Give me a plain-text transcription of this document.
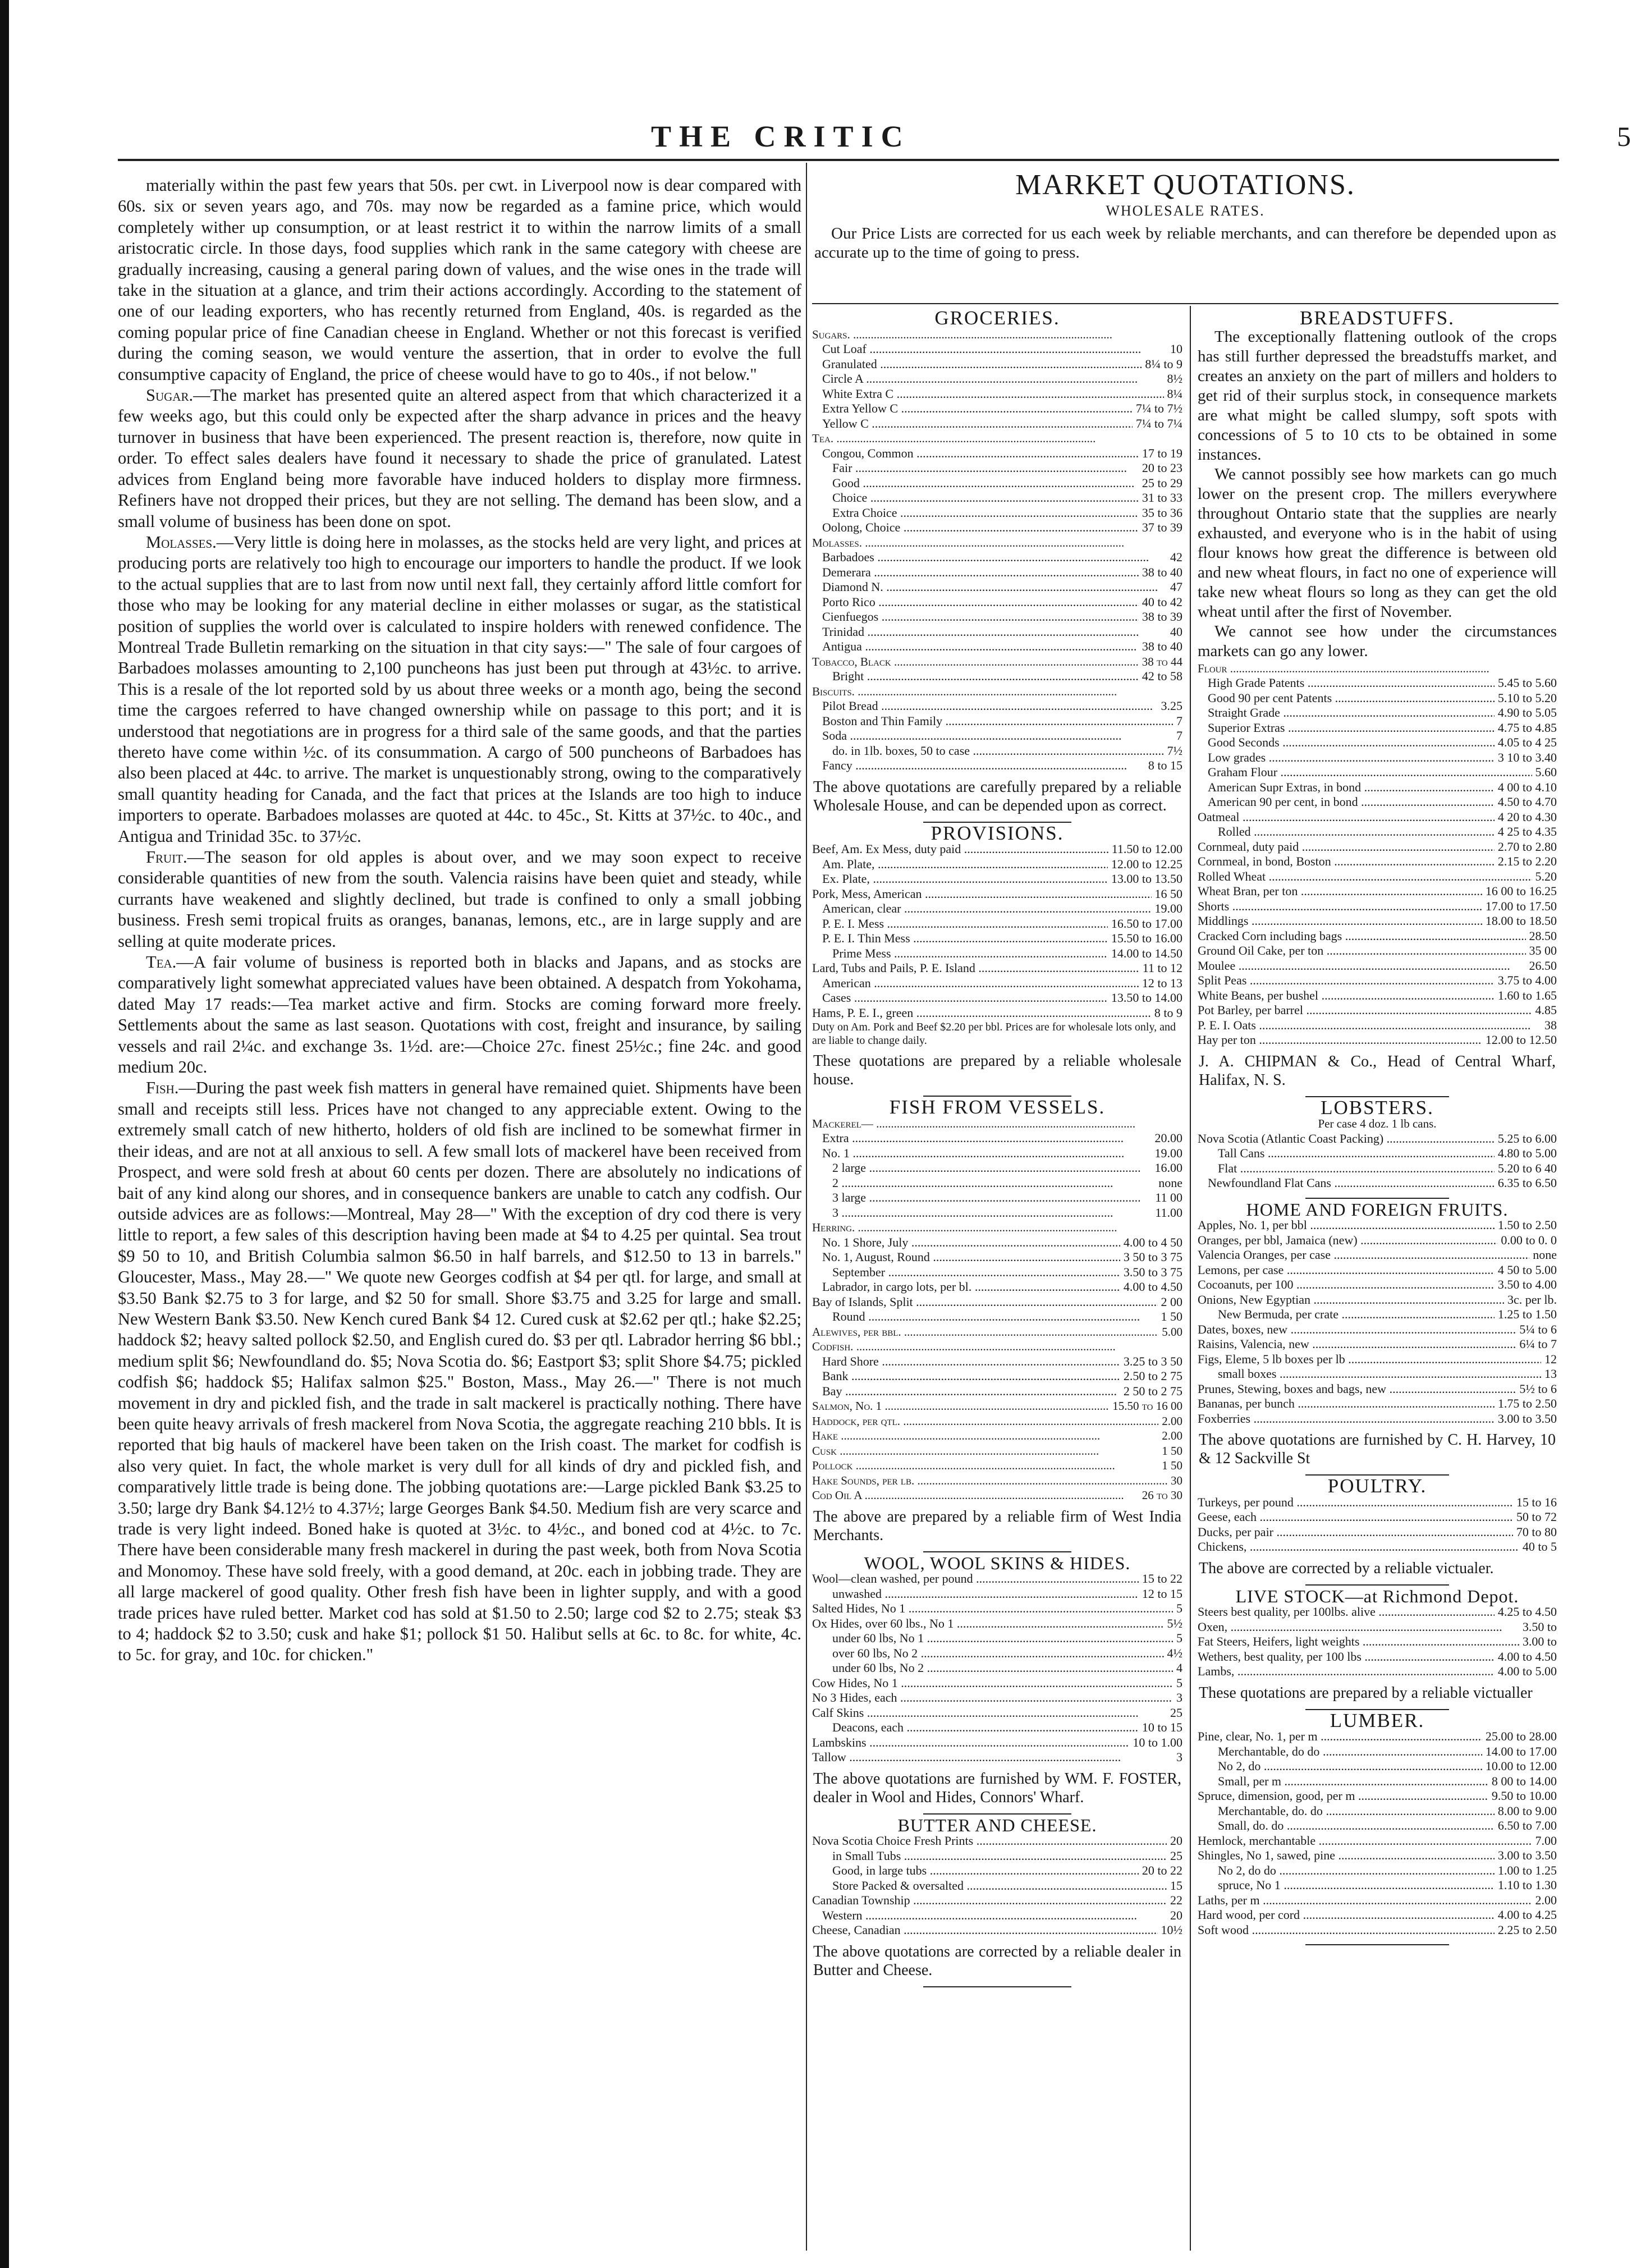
THE CRITIC	5

materially within the past few years that 50s. per cwt. in Liverpool now is dear compared with 60s. six or seven years ago, and 70s. may now be regarded as a famine price, which would completely wither up consumption, or at least restrict it to within the narrow limits of a small aristocratic circle. In those days, food supplies which rank in the same category with cheese are gradually increasing, causing a general paring down of values, and the wise ones in the trade will take in the situation at a glance, and trim their actions accordingly. According to the statement of one of our leading exporters, who has recently returned from England, 40s. is regarded as the coming popular price of fine Canadian cheese in England. Whether or not this forecast is verified during the coming season, we would venture the assertion, that in order to evolve the full consumptive capacity of England, the price of cheese would have to go to 40s., if not below."

Sugar.—The market has presented quite an altered aspect from that which characterized it a few weeks ago, but this could only be expected after the sharp advance in prices and the heavy turnover in business that have been experienced. The present reaction is, therefore, now quite in order. To effect sales dealers have found it necessary to shade the price of granulated. Latest advices from England being more favorable have induced holders to display more firmness. Refiners have not dropped their prices, but they are not selling. The demand has been slow, and a small volume of business has been done on spot.

Molasses.—Very little is doing here in molasses, as the stocks held are very light, and prices at producing ports are relatively too high to encourage our importers to handle the product. If we look to the actual supplies that are to last from now until next fall, they certainly afford little comfort for those who may be looking for any material decline in either molasses or sugar, as the statistical position of supplies the world over is calculated to inspire holders with renewed confidence. The Montreal Trade Bulletin remarking on the situation in that city says:—" The sale of four cargoes of Barbadoes molasses amounting to 2,100 puncheons has just been put through at 43½c. to arrive. This is a resale of the lot reported sold by us about three weeks or a month ago, being the second time the cargoes referred to have changed ownership while on passage to this port; and it is understood that negotiations are in progress for a third sale of the same goods, and that the parties thereto have come within ½c. of its consummation. A cargo of 500 puncheons of Barbadoes has also been placed at 44c. to arrive. The market is unquestionably strong, owing to the comparatively small quantity heading for Canada, and the fact that prices at the Islands are too high to induce importers to operate. Barbadoes molasses are quoted at 44c. to 45c., St. Kitts at 37½c. to 40c., and Antigua and Trinidad 35c. to 37½c.

Fruit.—The season for old apples is about over, and we may soon expect to receive considerable quantities of new from the south. Valencia raisins have been quiet and steady, while currants have weakened and slightly declined, but trade is confined to only a small jobbing business. Fresh semi tropical fruits as oranges, bananas, lemons, etc., are in large supply and are selling at quite moderate prices.

Tea.—A fair volume of business is reported both in blacks and Japans, and as stocks are comparatively light somewhat appreciated values have been obtained. A despatch from Yokohama, dated May 17 reads:—Tea market active and firm. Stocks are coming forward more freely. Settlements about the same as last season. Quotations with cost, freight and insurance, by sailing vessels and rail 2¼c. and exchange 3s. 1½d. are:—Choice 27c. finest 25½c.; fine 24c. and good medium 20c.

Fish.—During the past week fish matters in general have remained quiet. Shipments have been small and receipts still less. Prices have not changed to any appreciable extent. Owing to the extremely small catch of new hitherto, holders of old fish are inclined to be somewhat firmer in their ideas, and are not at all anxious to sell. A few small lots of mackerel have been received from Prospect, and were sold fresh at about 60 cents per dozen. There are absolutely no indications of bait of any kind along our shores, and in consequence bankers are unable to catch any codfish. Our outside advices are as follows:—Montreal, May 28—" With the exception of dry cod there is very little to report, a few sales of this description having been made at $4 to 4.25 per quintal. Sea trout $9 50 to 10, and British Columbia salmon $6.50 in half barrels, and $12.50 to 13 in barrels." Gloucester, Mass., May 28.—" We quote new Georges codfish at $4 per qtl. for large, and small at $3.50 Bank $2.75 to 3 for large, and $2 50 for small. Shore $3.75 and 3.25 for large and small. New Western Bank $3.50. New Kench cured Bank $4 12. Cured cusk at $2.62 per qtl.; hake $2.25; haddock $2; heavy salted pollock $2.50, and English cured do. $3 per qtl. Labrador herring $6 bbl.; medium split $6; Newfoundland do. $5; Nova Scotia do. $6; Eastport $3; split Shore $4.75; pickled codfish $6; haddock $5; Halifax salmon $25." Boston, Mass., May 26.—" There is not much movement in dry and pickled fish, and the trade in salt mackerel is practically nothing. There have been quite heavy arrivals of fresh mackerel from Nova Scotia, the aggregate reaching 210 bbls. It is reported that big hauls of mackerel have been taken on the Irish coast. The market for codfish is also very quiet. In fact, the whole market is very dull for all kinds of dry and pickled fish, and comparatively little trade is being done. The jobbing quotations are:—Large pickled Bank $3.25 to 3.50; large dry Bank $4.12½ to 4.37½; large Georges Bank $4.50. Medium fish are very scarce and trade is very light indeed. Boned hake is quoted at 3½c. to 4½c., and boned cod at 4½c. to 7c. There have been considerable many fresh mackerel in during the past week, both from Nova Scotia and Monomoy. These have sold freely, with a good demand, at 20c. each in jobbing trade. They are all large mackerel of good quality. Other fresh fish have been in lighter supply, and with a good trade prices have ruled better. Market cod has sold at $1.50 to 2.50; large cod $2 to 2.75; steak $3 to 4; haddock $2 to 3.50; cusk and hake $1; pollock $1 50. Halibut sells at 6c. to 8c. for white, 4c. to 5c. for gray, and 10c. for chicken."

MARKET QUOTATIONS.
WHOLESALE RATES.
Our Price Lists are corrected for us each week by reliable merchants, and can therefore be depended upon as accurate up to the time of going to press.
GROCERIES.
Sugars. .....
Cut Loaf .....	10
Granulated .....	8¼ to 9
Circle A .....	8½
White Extra C .....	8¼
Extra Yellow C .....	7¼ to 7½
Yellow C .....	7¼ to 7¼
Tea. .....
Congou, Common .....	17 to 19
Fair .....	20 to 23
Good .....	25 to 29
Choice .....	31 to 33
Extra Choice .....	35 to 36
Oolong, Choice .....	37 to 39
Molasses. .....
Barbadoes .....	42
Demerara .....	38 to 40
Diamond N. .....	47
Porto Rico .....	40 to 42
Cienfuegos .....	38 to 39
Trinidad .....	40
Antigua .....	38 to 40
Tobacco, Black .....	38 to 44
Bright .....	42 to 58
Biscuits. .....
Pilot Bread .....	3.25
Boston and Thin Family .....	7
Soda .....	7
do. in 1lb. boxes, 50 to case .....	7½
Fancy .....	8 to 15
The above quotations are carefully prepared by a reliable Wholesale House, and can be depended upon as correct.
PROVISIONS.
Beef, Am. Ex Mess, duty paid .....	11.50 to 12.00
Am. Plate, .....	12.00 to 12.25
Ex. Plate, .....	13.00 to 13.50
Pork, Mess, American .....	16 50
American, clear .....	19.00
P. E. I. Mess .....	16.50 to 17.00
P. E. I. Thin Mess .....	15.50 to 16.00
Prime Mess .....	14.00 to 14.50
Lard, Tubs and Pails, P. E. Island .....	11 to 12
American .....	12 to 13
Cases .....	13.50 to 14.00
Hams, P. E. I., green .....	8 to 9
Duty on Am. Pork and Beef $2.20 per bbl. Prices are for wholesale lots only, and are liable to change daily.
These quotations are prepared by a reliable wholesale house.
FISH FROM VESSELS.
Mackerel— .....
Extra .....	20.00
No. 1 .....	19.00
2 large .....	16.00
2 .....	none
3 large .....	11 00
3 .....	11.00
Herring. .....
No. 1 Shore, July .....	4.00 to 4 50
No. 1, August, Round .....	3 50 to 3 75
September .....	3.50 to 3 75
Labrador, in cargo lots, per bl. .....	4.00 to 4.50
Bay of Islands, Split .....	2 00
Round .....	1 50
Alewives, per bbl. .....	5.00
Codfish. .....
Hard Shore .....	3.25 to 3 50
Bank .....	2.50 to 2 75
Bay .....	2 50 to 2 75
Salmon, No. 1 .....	15.50 to 16 00
Haddock, per qtl. .....	2.00
Hake .....	2.00
Cusk .....	1 50
Pollock .....	1 50
Hake Sounds, per lb. .....	30
Cod Oil A .....	26 to 30
The above are prepared by a reliable firm of West India Merchants.
WOOL, WOOL SKINS & HIDES.
Wool—clean washed, per pound .....	15 to 22
unwashed .....	12 to 15
Salted Hides, No 1 .....	5
Ox Hides, over 60 lbs., No 1 .....	5½
under 60 lbs, No 1 .....	5
over 60 lbs, No 2 .....	4½
under 60 lbs, No 2 .....	4
Cow Hides, No 1 .....	5
No 3 Hides, each .....	3
Calf Skins .....	25
Deacons, each .....	10 to 15
Lambskins .....	10 to 1.00
Tallow .....	3
The above quotations are furnished by WM. F. FOSTER, dealer in Wool and Hides, Connors' Wharf.
BUTTER AND CHEESE.
Nova Scotia Choice Fresh Prints .....	20
in Small Tubs .....	25
Good, in large tubs .....	20 to 22
Store Packed & oversalted .....	15
Canadian Township .....	22
Western .....	20
Cheese, Canadian .....	10½
The above quotations are corrected by a reliable dealer in Butter and Cheese.
BREADSTUFFS.

The exceptionally flattening outlook of the crops has still further depressed the breadstuffs market, and creates an anxiety on the part of millers and holders to get rid of their surplus stock, in consequence markets are what might be called slumpy, soft spots with concessions of 5 to 10 cts to be obtained in some instances.

We cannot possibly see how markets can go much lower on the present crop. The millers everywhere throughout Ontario state that the supplies are nearly exhausted, and everyone who is in the habit of using flour knows how great the difference is between old and new wheat flours, in fact no one of experience will take new wheat flours so long as they can get the old wheat until after the first of November.

We cannot see how under the circumstances markets can go any lower.

Flour .....
High Grade Patents .....	5.45 to 5.60
Good 90 per cent Patents .....	5.10 to 5.20
Straight Grade .....	4.90 to 5.05
Superior Extras .....	4.75 to 4.85
Good Seconds .....	4.05 to 4 25
Low grades .....	3 10 to 3.40
Graham Flour .....	5.60
American Supr Extras, in bond .....	4 00 to 4.10
American 90 per cent, in bond .....	4.50 to 4.70
Oatmeal .....	4 20 to 4.30
Rolled .....	4 25 to 4.35
Cornmeal, duty paid .....	2.70 to 2.80
Cornmeal, in bond, Boston .....	2.15 to 2.20
Rolled Wheat .....	5.20
Wheat Bran, per ton .....	16 00 to 16.25
Shorts .....	17.00 to 17.50
Middlings .....	18.00 to 18.50
Cracked Corn including bags .....	28.50
Ground Oil Cake, per ton .....	35 00
Moulee .....	26.50
Split Peas .....	3.75 to 4.00
White Beans, per bushel .....	1.60 to 1.65
Pot Barley, per barrel .....	4.85
P. E. I. Oats .....	38
Hay per ton .....	12.00 to 12.50
J. A. CHIPMAN & Co., Head of Central Wharf, Halifax, N. S.
LOBSTERS.
Per case 4 doz. 1 lb cans.
Nova Scotia (Atlantic Coast Packing) .....	5.25 to 6.00
Tall Cans .....	4.80 to 5.00
Flat .....	5.20 to 6 40
Newfoundland Flat Cans .....	6.35 to 6.50
HOME AND FOREIGN FRUITS.
Apples, No. 1, per bbl .....	1.50 to 2.50
Oranges, per bbl, Jamaica (new) .....	0.00 to 0. 0
Valencia Oranges, per case .....	none
Lemons, per case .....	4 50 to 5.00
Cocoanuts, per 100 .....	3.50 to 4.00
Onions, New Egyptian .....	3c. per lb.
New Bermuda, per crate .....	1.25 to 1.50
Dates, boxes, new .....	5¼ to 6
Raisins, Valencia, new .....	6¼ to 7
Figs, Eleme, 5 lb boxes per lb .....	12
small boxes .....	13
Prunes, Stewing, boxes and bags, new .....	5½ to 6
Bananas, per bunch .....	1.75 to 2.50
Foxberries .....	3.00 to 3.50
The above quotations are furnished by C. H. Harvey, 10 & 12 Sackville St
POULTRY.
Turkeys, per pound .....	15 to 16
Geese, each .....	50 to 72
Ducks, per pair .....	70 to 80
Chickens, .....	40 to 5
The above are corrected by a reliable victualer.
LIVE STOCK—at Richmond Depot.
Steers best quality, per 100lbs. alive .....	4.25 to 4.50
Oxen, .....	3.50 to
Fat Steers, Heifers, light weights .....	3.00 to
Wethers, best quality, per 100 lbs .....	4.00 to 4.50
Lambs, .....	4.00 to 5.00
These quotations are prepared by a reliable victualler
LUMBER.
Pine, clear, No. 1, per m .....	25.00 to 28.00
Merchantable, do do .....	14.00 to 17.00
No 2, do .....	10.00 to 12.00
Small, per m .....	8 00 to 14.00
Spruce, dimension, good, per m .....	9.50 to 10.00
Merchantable, do. do .....	8.00 to 9.00
Small, do. do .....	6.50 to 7.00
Hemlock, merchantable .....	7.00
Shingles, No 1, sawed, pine .....	3.00 to 3.50
No 2, do do .....	1.00 to 1.25
spruce, No 1 .....	1.10 to 1.30
Laths, per m .....	2.00
Hard wood, per cord .....	4.00 to 4.25
Soft wood .....	2.25 to 2.50
